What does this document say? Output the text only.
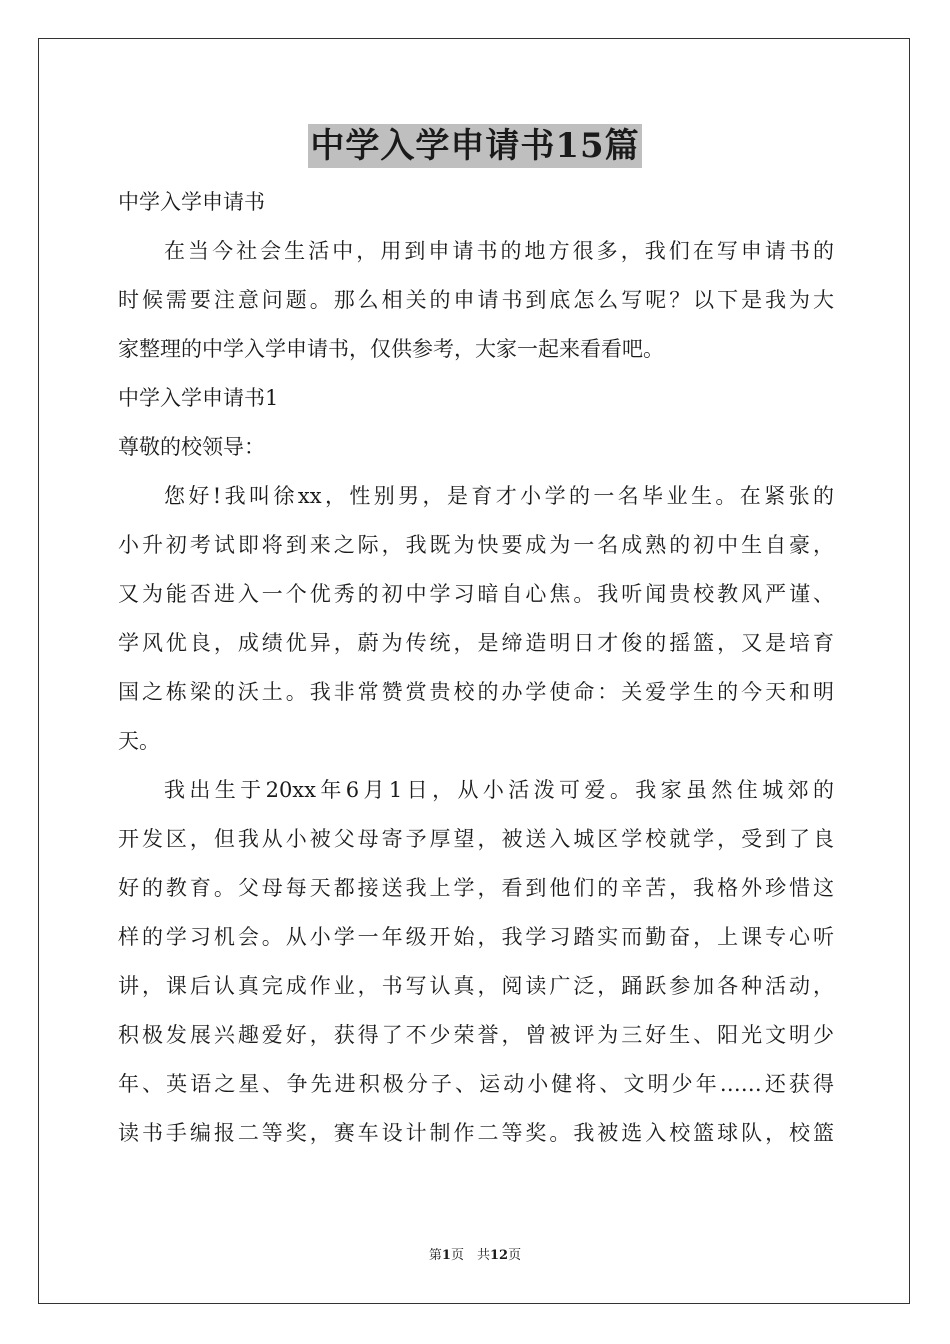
中学入学申请书15篇
中学入学申请书
在当今社会生活中，用到申请书的地方很多，我们在写申请书的
时候需要注意问题。那么相关的申请书到底怎么写呢？以下是我为大
家整理的中学入学申请书，仅供参考，大家一起来看看吧。
中学入学申请书1
尊敬的校领导：
您好!我叫徐xx，性别男，是育才小学的一名毕业生。在紧张的
小升初考试即将到来之际，我既为快要成为一名成熟的初中生自豪，
又为能否进入一个优秀的初中学习暗自心焦。我听闻贵校教风严谨、
学风优良，成绩优异，蔚为传统，是缔造明日才俊的摇篮，又是培育
国之栋梁的沃土。我非常赞赏贵校的办学使命：关爱学生的今天和明
天。
我出生于20xx年6月1日，从小活泼可爱。我家虽然住城郊的
开发区，但我从小被父母寄予厚望，被送入城区学校就学，受到了良
好的教育。父母每天都接送我上学，看到他们的辛苦，我格外珍惜这
样的学习机会。从小学一年级开始，我学习踏实而勤奋，上课专心听
讲，课后认真完成作业，书写认真，阅读广泛，踊跃参加各种活动，
积极发展兴趣爱好，获得了不少荣誉，曾被评为三好生、阳光文明少
年、英语之星、争先进积极分子、运动小健将、文明少年……还获得
读书手编报二等奖，赛车设计制作二等奖。我被选入校篮球队，校篮
第1页　共12页
